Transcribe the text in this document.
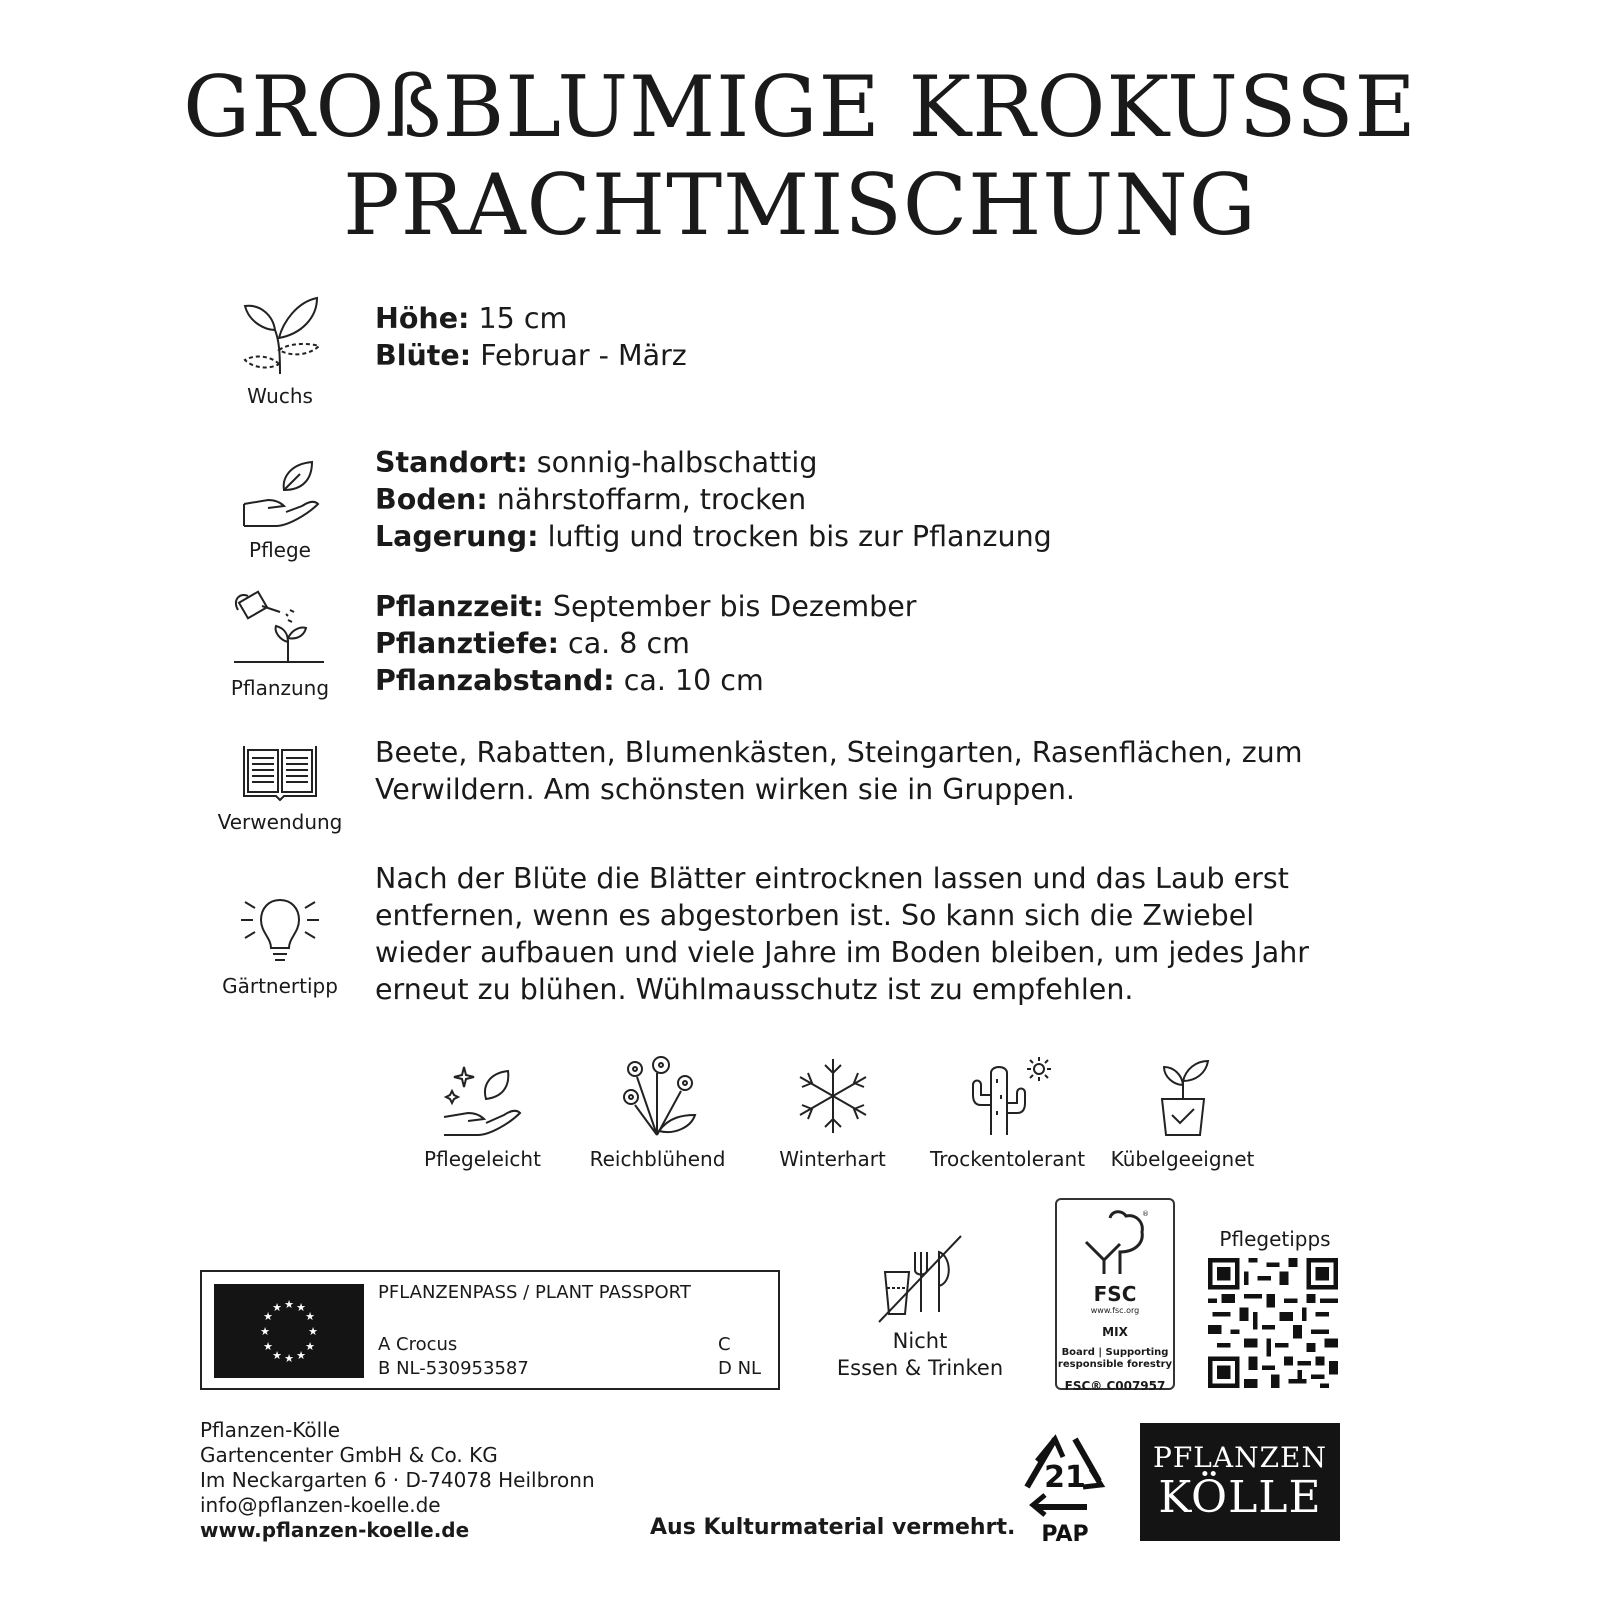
GROßBLUMIGE KROKUSSE
PRACHTMISCHUNG
Wuchs
Höhe: 15 cm
Blüte: Februar - März
Pflege
Standort: sonnig-halbschattig
Boden: nährstoffarm, trocken
Lagerung: luftig und trocken bis zur Pflanzung
Pflanzung
Pflanzzeit: September bis Dezember
Pflanztiefe: ca. 8 cm
Pflanzabstand: ca. 10 cm
Verwendung
Beete, Rabatten, Blumenkästen, Steingarten, Rasenflächen, zum
Verwildern. Am schönsten wirken sie in Gruppen.
Gärtnertipp
Nach der Blüte die Blätter eintrocknen lassen und das Laub erst
entfernen, wenn es abgestorben ist. So kann sich die Zwiebel
wieder aufbauen und viele Jahre im Boden bleiben, um jedes Jahr
erneut zu blühen. Wühlmausschutz ist zu empfehlen.
Pflegeleicht	Reichblühend	Winterhart	Trockentolerant	Kübelgeeignet
★ ★
★
★
★
★
★
★
★
★
★
★
PFLANZENPASS / PLANT PASSPORT
A Crocus
B NL-530953587
C
D NL
Nicht
Essen & Trinken
®
FSC
www.fsc.org
MIX
Board | Supporting
responsible forestry
FSC® C007957
Pflegetipps
Pflanzen-Kölle
Gartencenter GmbH & Co. KG
Im Neckargarten 6 · D-74078 Heilbronn
info@pflanzen-koelle.de
www.pflanzen-koelle.de	Aus Kulturmaterial vermehrt.
21
PAP
PFLANZEN
KÖLLE
